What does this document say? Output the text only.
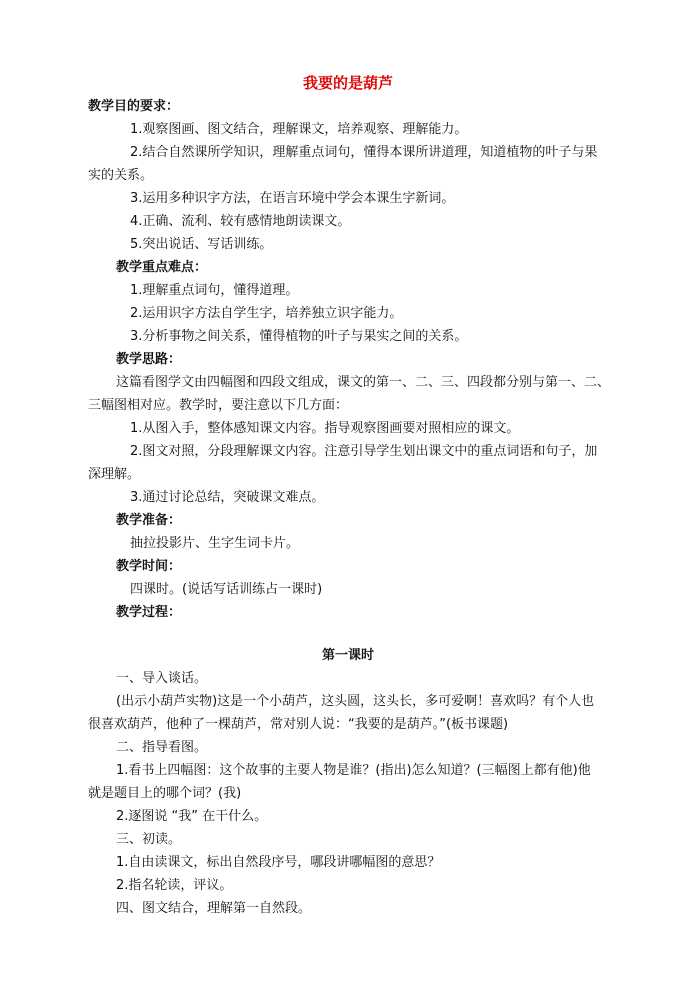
我要的是葫芦
教学目的要求：
1.观察图画、图文结合，理解课文，培养观察、理解能力。
2.结合自然课所学知识，理解重点词句，懂得本课所讲道理，知道植物的叶子与果
实的关系。
3.运用多种识字方法，在语言环境中学会本课生字新词。
4.正确、流利、较有感情地朗读课文。
5.突出说话、写话训练。
教学重点难点：
1.理解重点词句，懂得道理。
2.运用识字方法自学生字，培养独立识字能力。
3.分析事物之间关系，懂得植物的叶子与果实之间的关系。
教学思路：
这篇看图学文由四幅图和四段文组成，课文的第一、二、三、四段都分别与第一、二、
三幅图相对应。教学时，要注意以下几方面：
1.从图入手，整体感知课文内容。指导观察图画要对照相应的课文。
2.图文对照，分段理解课文内容。注意引导学生划出课文中的重点词语和句子，加
深理解。
3.通过讨论总结，突破课文难点。
教学准备：
抽拉投影片、生字生词卡片。
教学时间：
四课时。(说话写话训练占一课时)
教学过程：
第一课时
一、导入谈话。
(出示小葫芦实物)这是一个小葫芦，这头圆，这头长，多可爱啊！喜欢吗？有个人也
很喜欢葫芦，他种了一棵葫芦，常对别人说：“我要的是葫芦。”(板书课题)
二、指导看图。
1.看书上四幅图：这个故事的主要人物是谁？(指出)怎么知道？(三幅图上都有他)他
就是题目上的哪个词？(我)
2.逐图说 “我” 在干什么。
三、初读。
1.自由读课文，标出自然段序号，哪段讲哪幅图的意思？
2.指名轮读，评议。
四、图文结合，理解第一自然段。
